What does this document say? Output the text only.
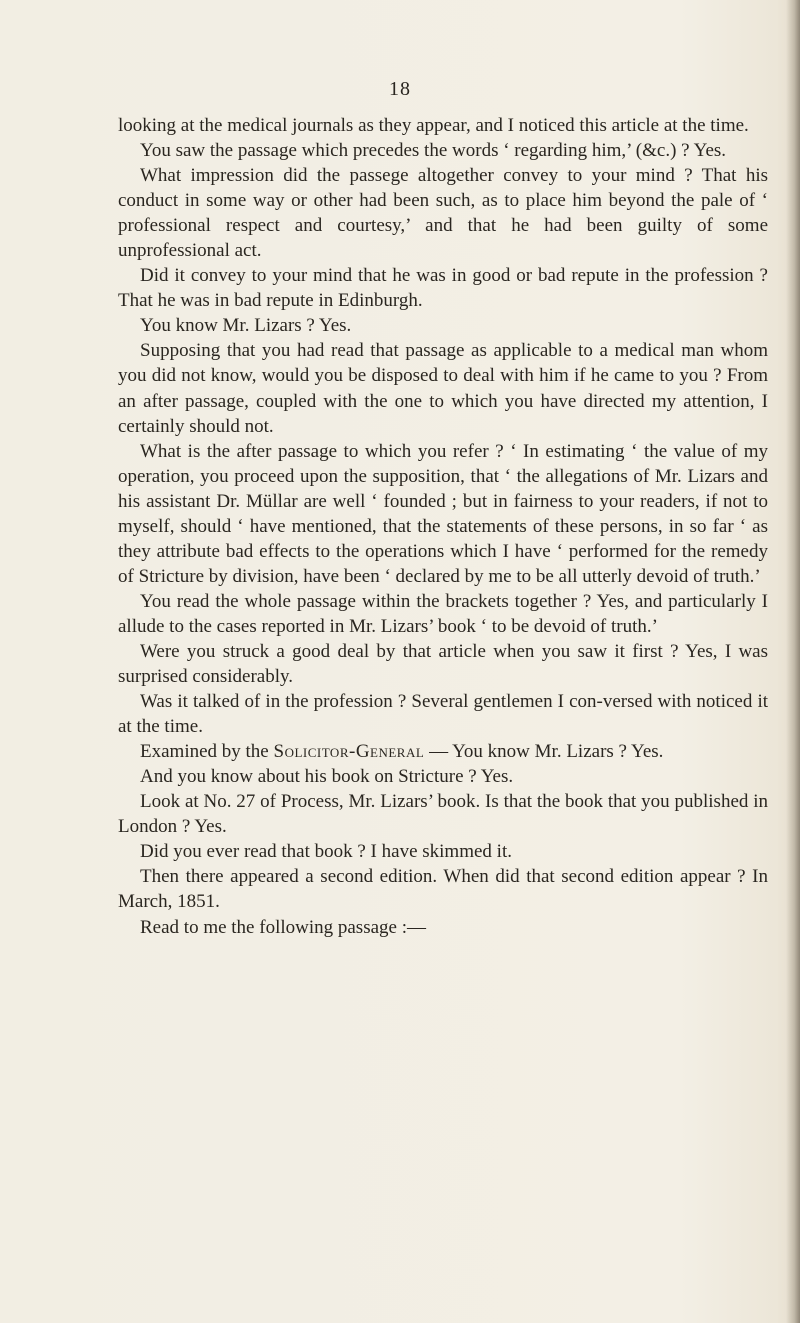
18

looking at the medical journals as they appear, and I noticed this article at the time.

You saw the passage which precedes the words ‘ regarding him,’ (&c.) ? Yes.

What impression did the passege altogether convey to your mind ? That his conduct in some way or other had been such, as to place him beyond the pale of ‘ professional respect and courtesy,’ and that he had been guilty of some unprofessional act.

Did it convey to your mind that he was in good or bad repute in the profession ? That he was in bad repute in Edinburgh.

You know Mr. Lizars ? Yes.

Supposing that you had read that passage as applicable to a medical man whom you did not know, would you be disposed to deal with him if he came to you ? From an after passage, coupled with the one to which you have directed my attention, I certainly should not.

What is the after passage to which you refer ? ‘ In estimating ‘ the value of my operation, you proceed upon the supposition, that ‘ the allegations of Mr. Lizars and his assistant Dr. Müllar are well ‘ founded ; but in fairness to your readers, if not to myself, should ‘ have mentioned, that the statements of these persons, in so far ‘ as they attribute bad effects to the operations which I have ‘ performed for the remedy of Stricture by division, have been ‘ declared by me to be all utterly devoid of truth.’

You read the whole passage within the brackets together ? Yes, and particularly I allude to the cases reported in Mr. Lizars’ book ‘ to be devoid of truth.’

Were you struck a good deal by that article when you saw it first ? Yes, I was surprised considerably.

Was it talked of in the profession ? Several gentlemen I con-versed with noticed it at the time.

Examined by the Solicitor-General — You know Mr. Lizars ? Yes.

And you know about his book on Stricture ? Yes.

Look at No. 27 of Process, Mr. Lizars’ book. Is that the book that you published in London ? Yes.

Did you ever read that book ? I have skimmed it.

Then there appeared a second edition. When did that second edition appear ? In March, 1851.

Read to me the following passage :—
